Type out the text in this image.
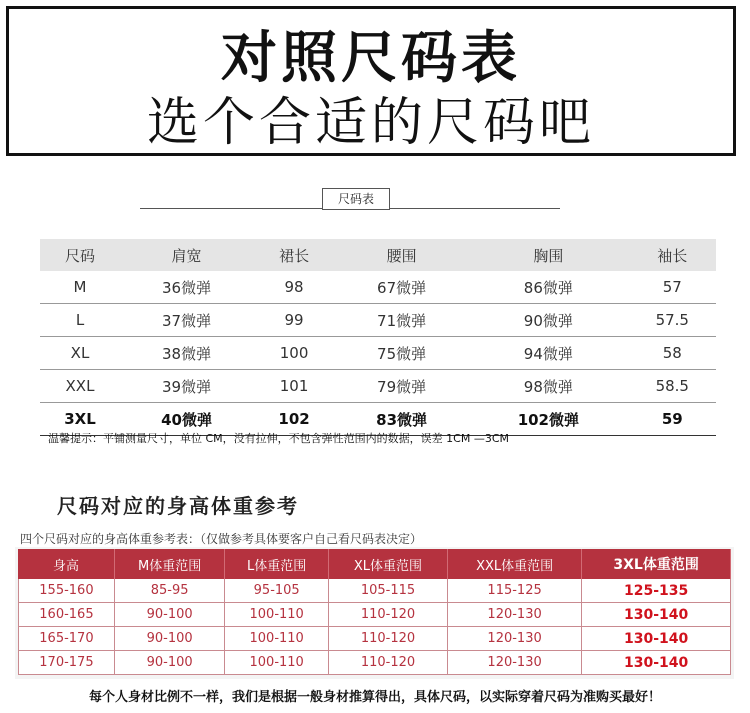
对照尺码表
选个合适的尺码吧
尺码表
尺码	肩宽	裙长	腰围	胸围	袖长
M	36微弹	98	67微弹	86微弹	57
L	37微弹	99	71微弹	90微弹	57.5
XL	38微弹	100	75微弹	94微弹	58
XXL	39微弹	101	79微弹	98微弹	58.5
3XL	40微弹	102	83微弹	102微弹	59
温馨提示：平铺测量尺寸，单位 CM，没有拉伸，不包含弹性范围内的数据，误差 1CM —3CM
尺码对应的身高体重参考
四个尺码对应的身高体重参考表：（仅做参考具体要客户自己看尺码表决定）
身高	M体重范围	L体重范围	XL体重范围	XXL体重范围	3XL体重范围
155-160	85-95	95-105	105-115	115-125	125-135
160-165	90-100	100-110	110-120	120-130	130-140
165-170	90-100	100-110	110-120	120-130	130-140
170-175	90-100	100-110	110-120	120-130	130-140
每个人身材比例不一样，我们是根据一般身材推算得出，具体尺码，以实际穿着尺码为准购买最好！
